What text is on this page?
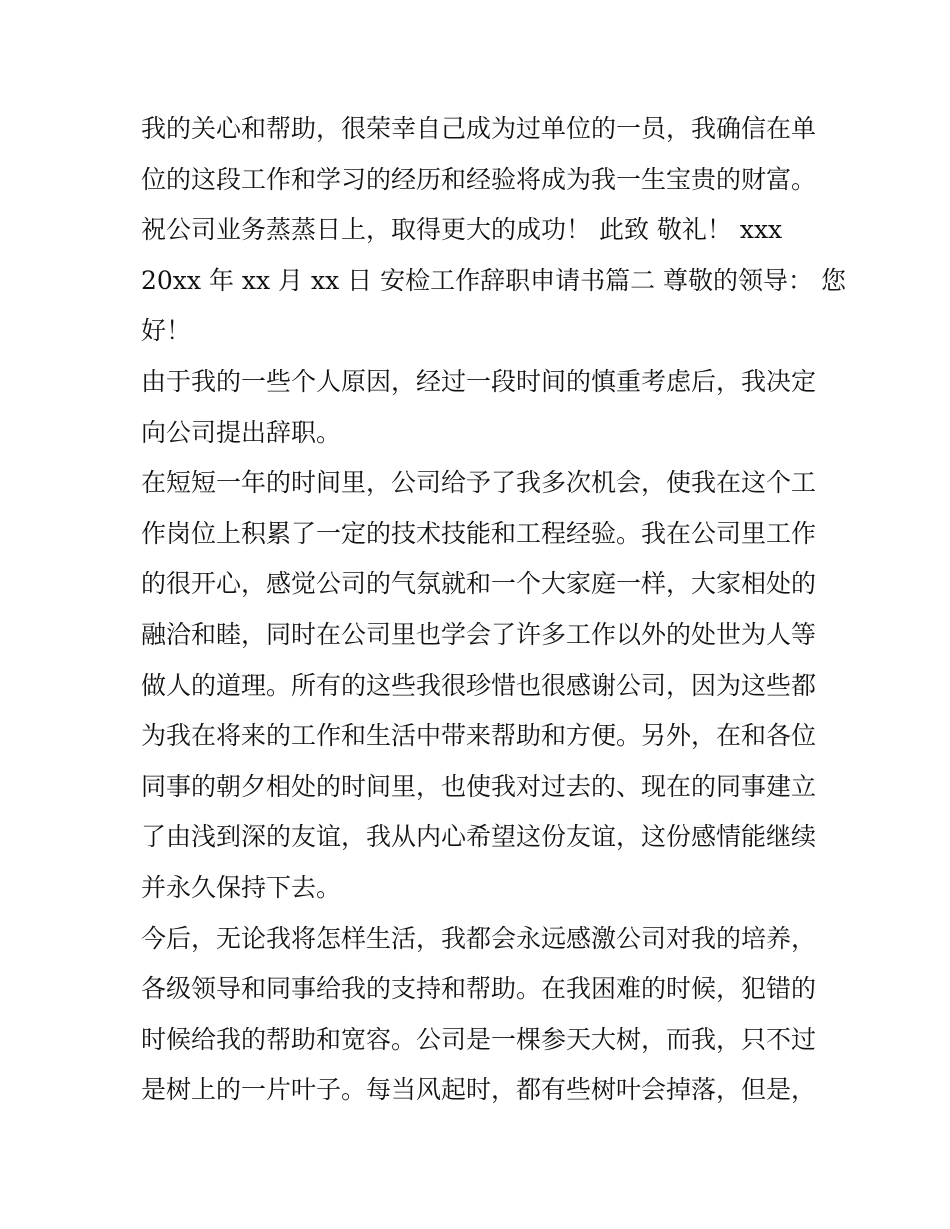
我的关心和帮助，很荣幸自己成为过单位的一员，我确信在单
位的这段工作和学习的经历和经验将成为我一生宝贵的财富。
祝公司业务蒸蒸日上，取得更大的成功！ 此致 敬礼！ xxx
20xx 年 xx 月 xx 日 安检工作辞职申请书篇二 尊敬的领导： 您
好！
由于我的一些个人原因，经过一段时间的慎重考虑后，我决定
向公司提出辞职。
在短短一年的时间里，公司给予了我多次机会，使我在这个工
作岗位上积累了一定的技术技能和工程经验。我在公司里工作
的很开心，感觉公司的气氛就和一个大家庭一样，大家相处的
融洽和睦，同时在公司里也学会了许多工作以外的处世为人等
做人的道理。所有的这些我很珍惜也很感谢公司，因为这些都
为我在将来的工作和生活中带来帮助和方便。另外，在和各位
同事的朝夕相处的时间里，也使我对过去的、现在的同事建立
了由浅到深的友谊，我从内心希望这份友谊，这份感情能继续
并永久保持下去。
今后，无论我将怎样生活，我都会永远感激公司对我的培养，
各级领导和同事给我的支持和帮助。在我困难的时候，犯错的
时候给我的帮助和宽容。公司是一棵参天大树，而我，只不过
是树上的一片叶子。每当风起时，都有些树叶会掉落，但是，
